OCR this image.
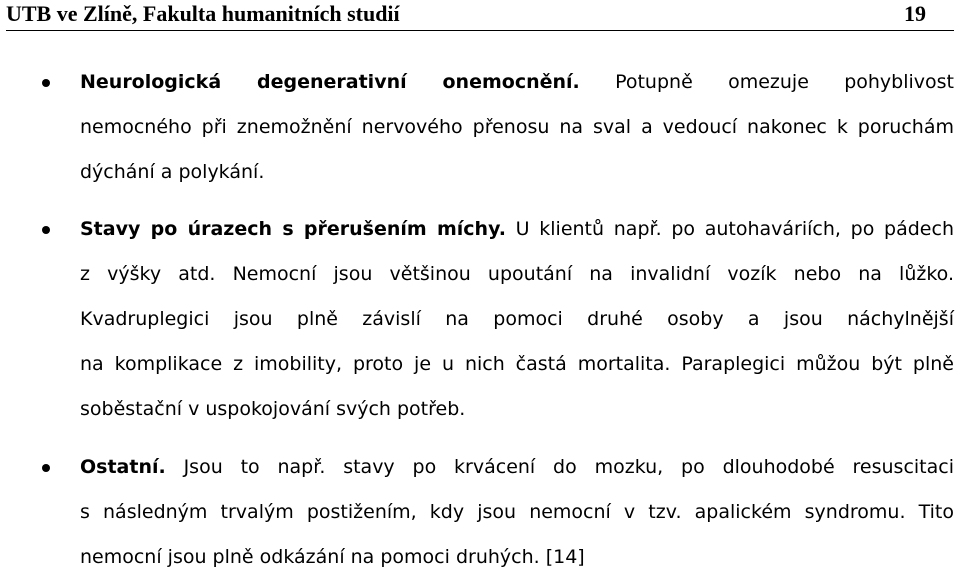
UTB ve Zlíně, Fakulta humanitních studií	19
Neurologická degenerativní onemocnění. Potupně omezuje pohyblivost
nemocného při znemožnění nervového přenosu na sval a vedoucí nakonec k poruchám
dýchání a polykání.
Stavy po úrazech s přerušením míchy. U klientů např. po autohaváriích, po pádech
z výšky atd. Nemocní jsou většinou upoutání na invalidní vozík nebo na lůžko.
Kvadruplegici jsou plně závislí na pomoci druhé osoby a jsou náchylnější
na komplikace z imobility, proto je u nich častá mortalita. Paraplegici můžou být plně
soběstační v uspokojování svých potřeb.
Ostatní. Jsou to např. stavy po krvácení do mozku, po dlouhodobé resuscitaci
s následným trvalým postižením, kdy jsou nemocní v tzv. apalickém syndromu. Tito
nemocní jsou plně odkázání na pomoci druhých. [14]
